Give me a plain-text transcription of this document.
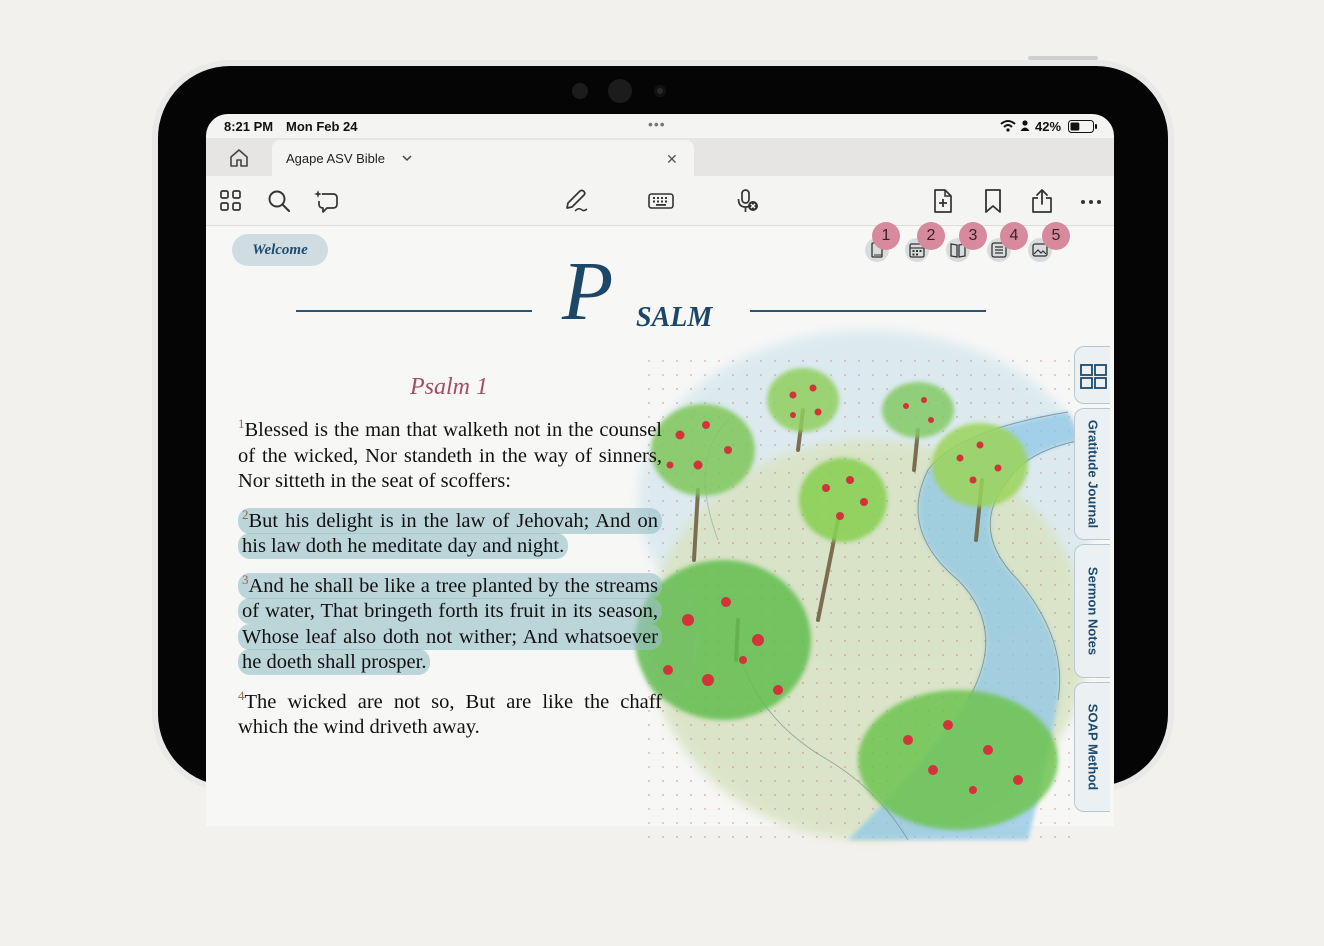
8:21 PM Mon Feb 24	•••	42%
Agape ASV Bible	✕
Welcome
1	2	3	4	5
P SALM
Psalm 1
$^1$Blessed is the man that walketh not in the counsel of the wicked, Nor standeth in the way of sinners, Nor sitteth in the seat of scoffers:
$^2$But his delight is in the law of Jehovah; And on his law doth he meditate day and night.
$^3$And he shall be like a tree planted by the streams of water, That bringeth forth its fruit in its season, Whose leaf also doth not wither; And whatsoever he doeth shall prosper.
$^4$The wicked are not so, But are like the chaff which the wind driveth away.
Gratitude Journal
Sermon Notes
SOAP Method
